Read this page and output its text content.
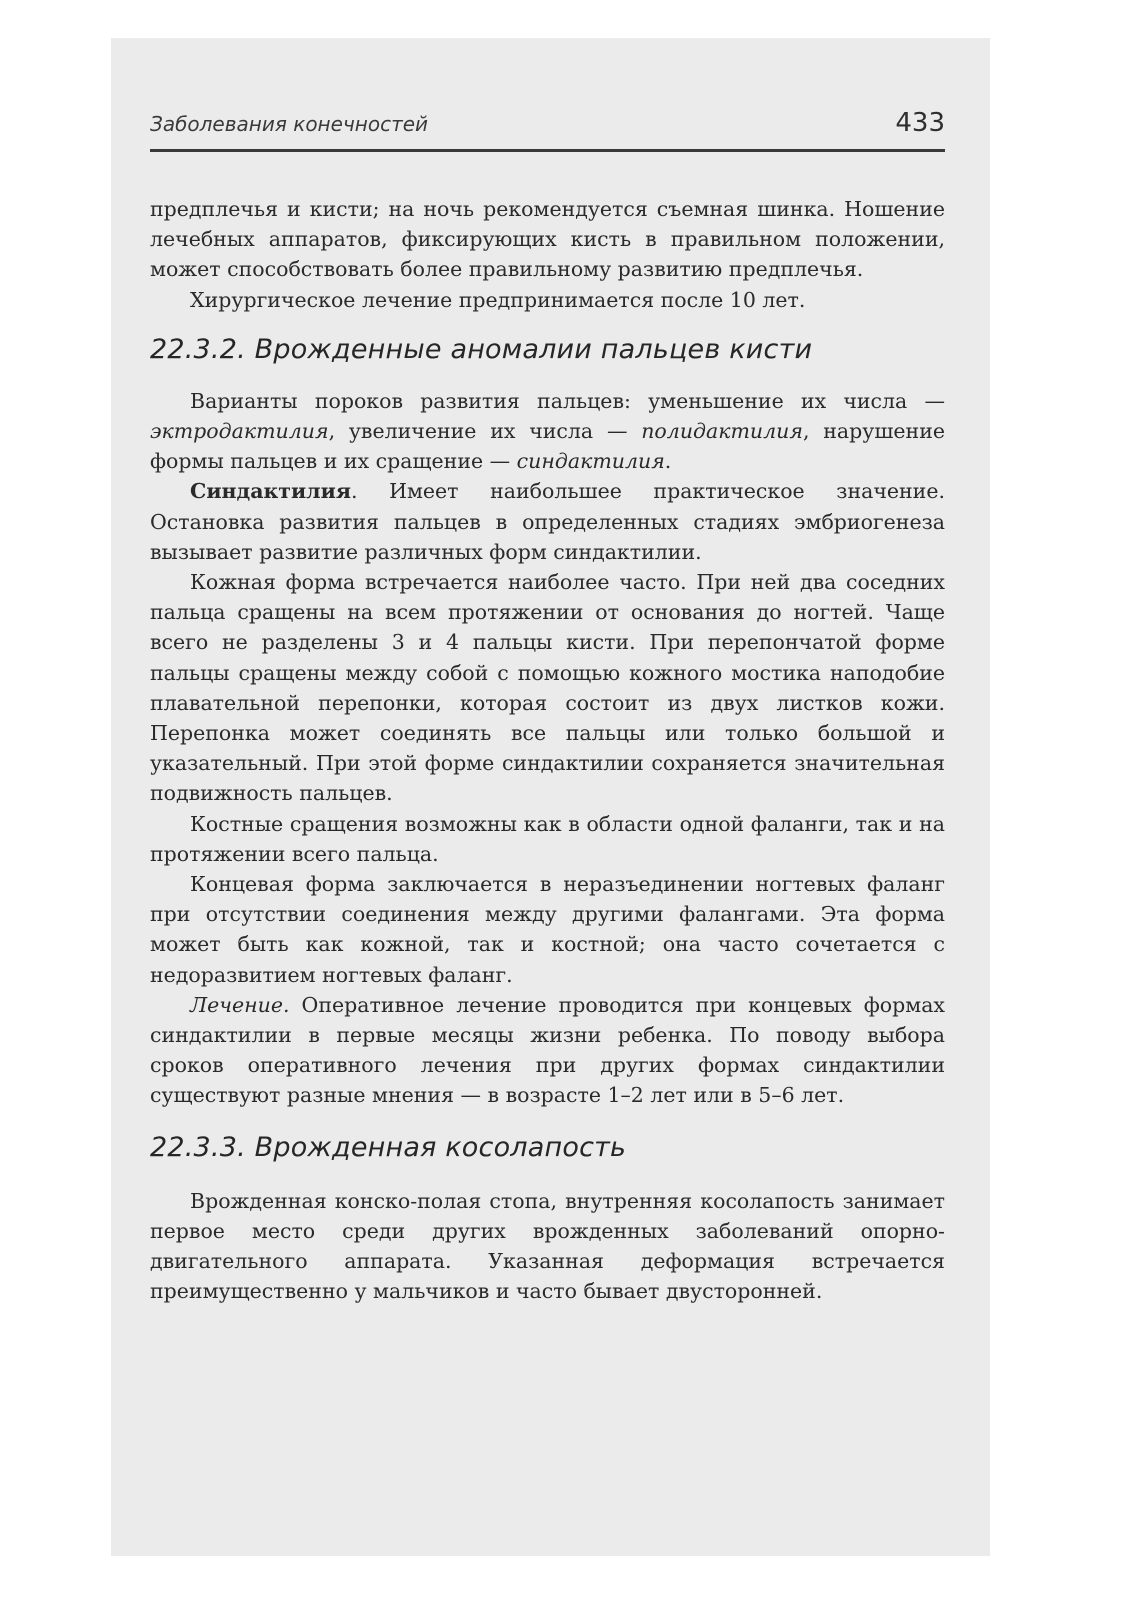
Заболевания конечностей	433

предплечья и кисти; на ночь рекомендуется съемная шинка. Ношение лечебных аппаратов, фиксирующих кисть в правильном положении, может способствовать более правильному развитию предплечья.

Хирургическое лечение предпринимается после 10 лет.

22.3.2. Врожденные аномалии пальцев кисти

Варианты пороков развития пальцев: уменьшение их числа — эктродактилия, увеличение их числа — полидактилия, нарушение формы пальцев и их сращение — синдактилия.

Синдактилия. Имеет наибольшее практическое значение. Остановка развития пальцев в определенных стадиях эмбриогенеза вызывает развитие различных форм синдактилии.

Кожная форма встречается наиболее часто. При ней два соседних пальца сращены на всем протяжении от основания до ногтей. Чаще всего не разделены 3 и 4 пальцы кисти. При перепончатой форме пальцы сращены между собой с помощью кожного мостика наподобие плавательной перепонки, которая состоит из двух листков кожи. Перепонка может соединять все пальцы или только большой и указательный. При этой форме синдактилии сохраняется значительная подвижность пальцев.

Костные сращения возможны как в области одной фаланги, так и на протяжении всего пальца.

Концевая форма заключается в неразъединении ногтевых фаланг при отсутствии соединения между другими фалангами. Эта форма может быть как кожной, так и костной; она часто сочетается с недоразвитием ногтевых фаланг.

Лечение. Оперативное лечение проводится при концевых формах синдактилии в первые месяцы жизни ребенка. По поводу выбора сроков оперативного лечения при других формах синдактилии существуют разные мнения — в возрасте 1–2 лет или в 5–6 лет.

22.3.3. Врожденная косолапость

Врожденная конско-полая стопа, внутренняя косолапость занимает первое место среди других врожденных заболеваний опорно-двигательного аппарата. Указанная деформация встречается преимущественно у мальчиков и часто бывает двусторонней.
